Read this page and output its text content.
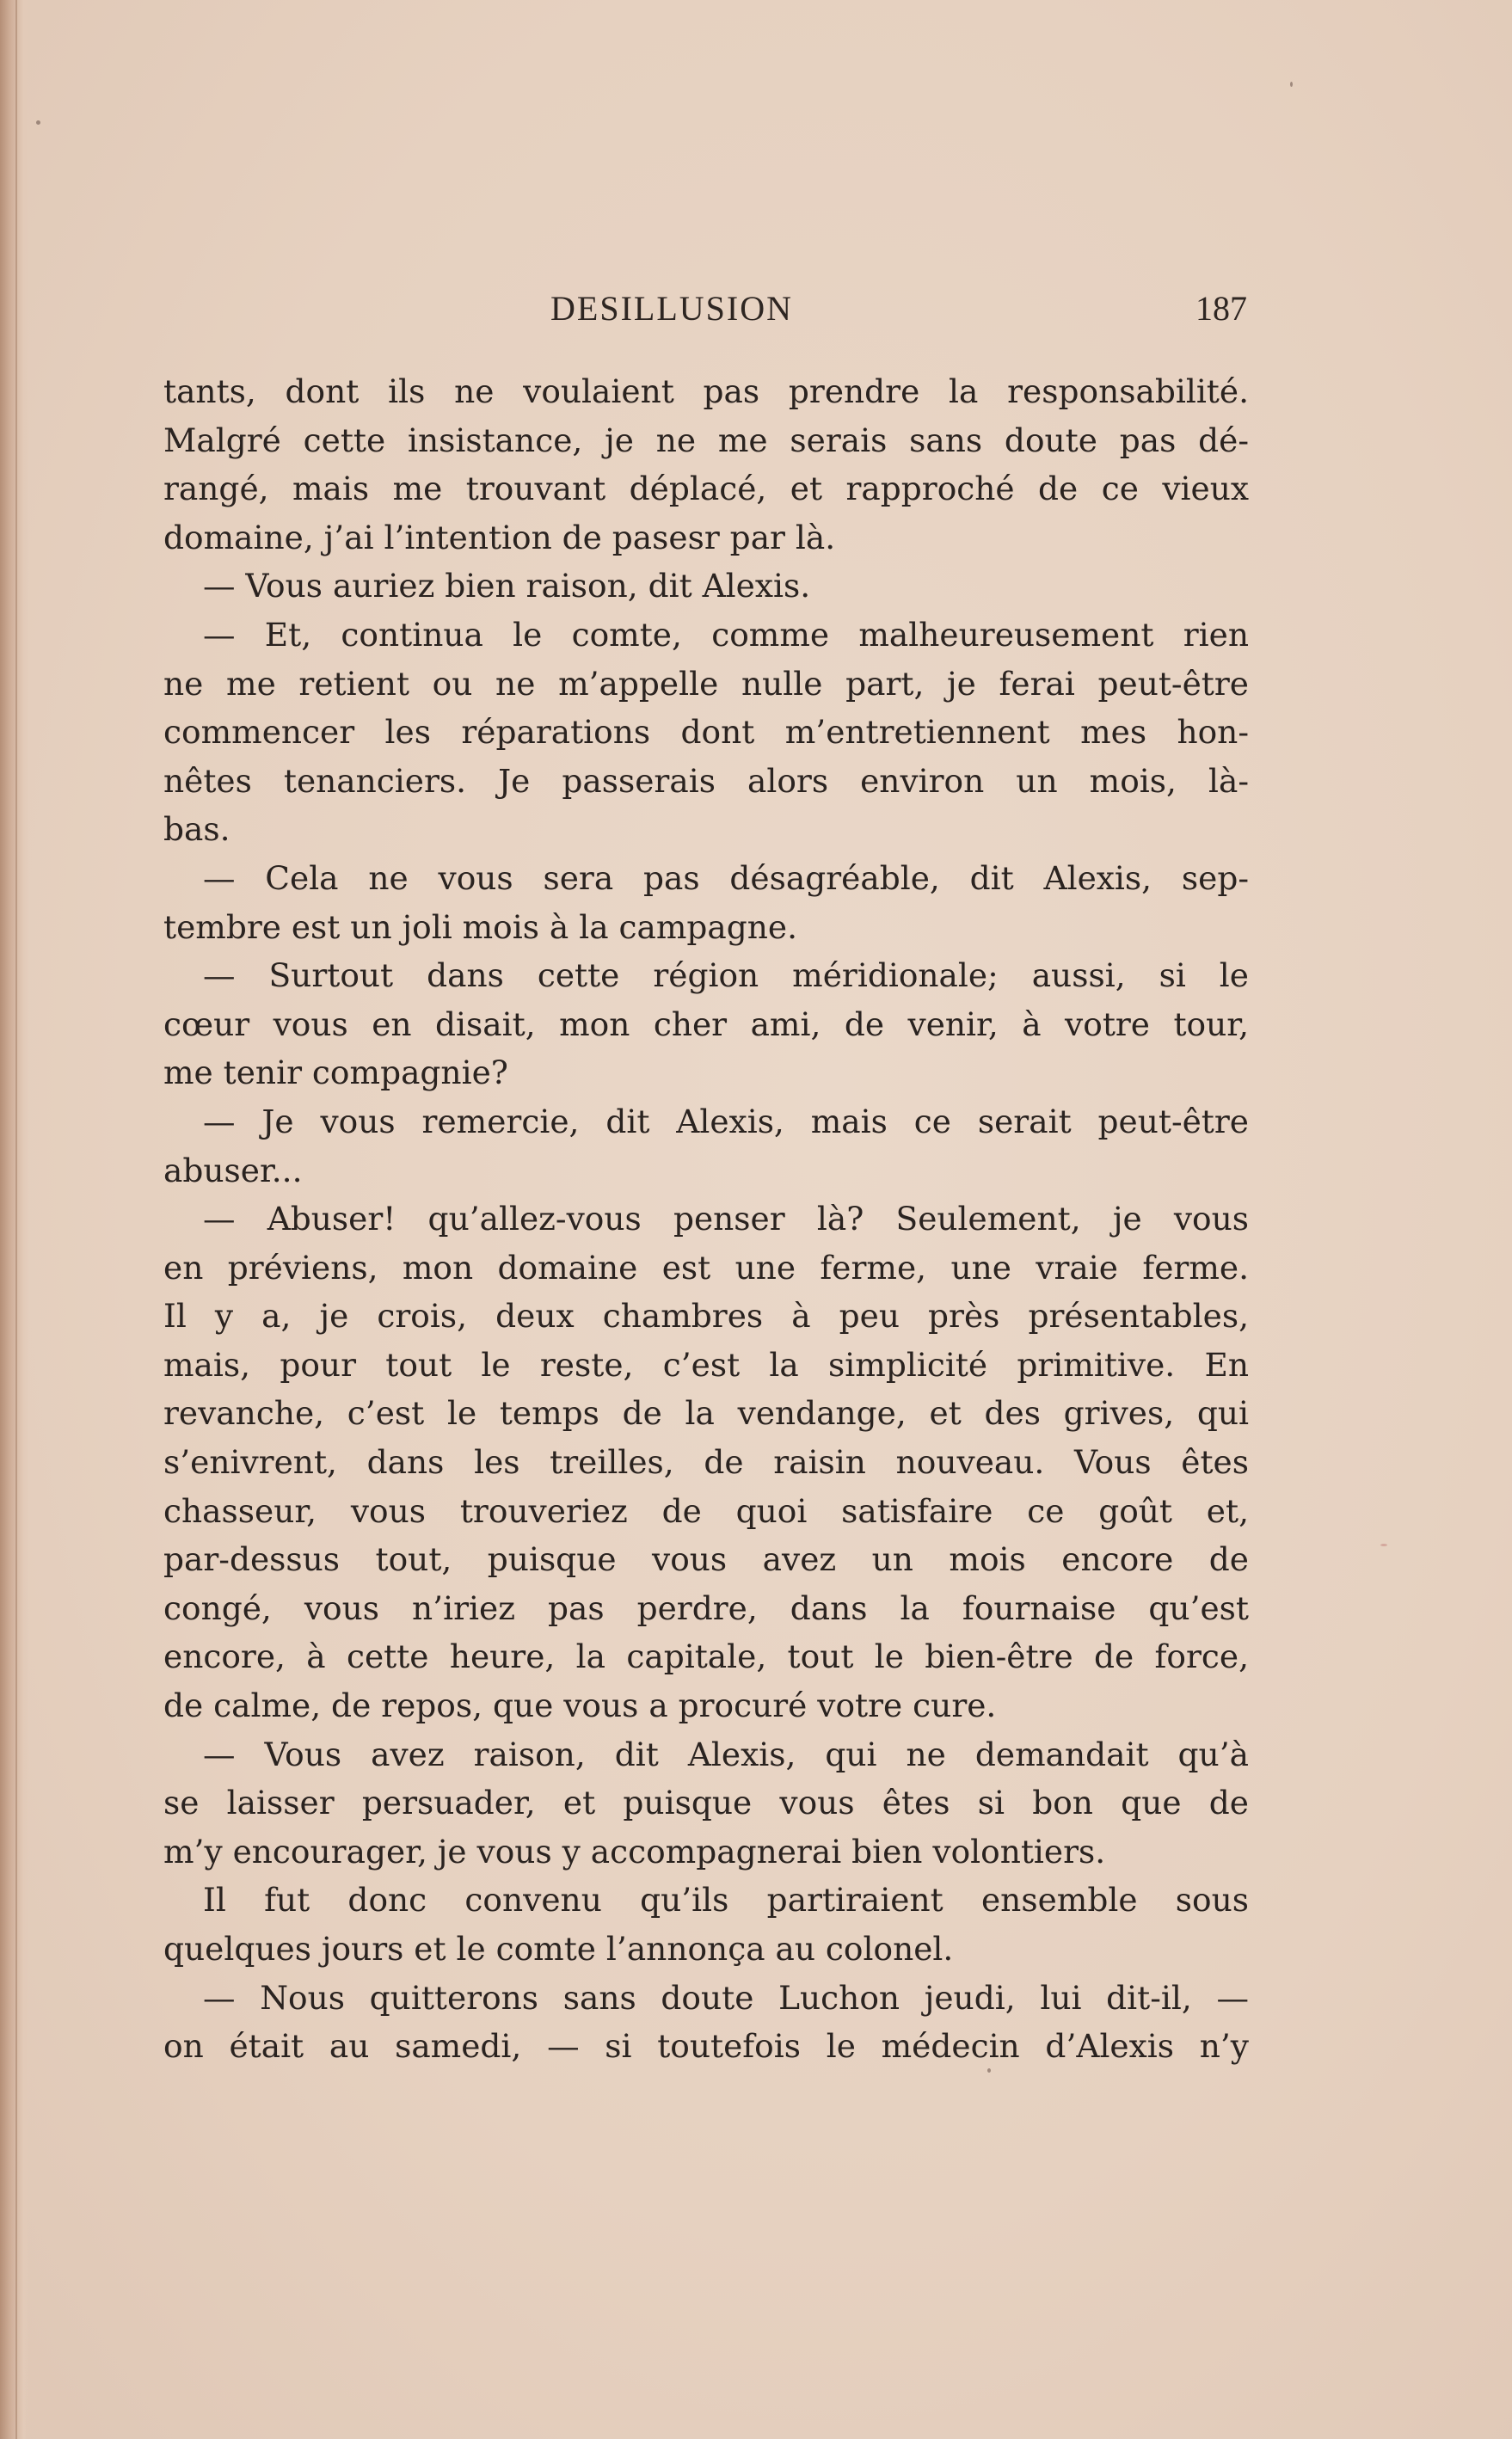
DESILLUSION	187
tants, dont ils ne voulaient pas prendre la responsabilité.
Malgré cette insistance, je ne me serais sans doute pas dé-
rangé, mais me trouvant déplacé, et rapproché de ce vieux
domaine, j’ai l’intention de pasesr par là.
— Vous auriez bien raison, dit Alexis.
— Et, continua le comte, comme malheureusement rien
ne me retient ou ne m’appelle nulle part, je ferai peut-être
commencer les réparations dont m’entretiennent mes hon-
nêtes tenanciers. Je passerais alors environ un mois, là-
bas.
— Cela ne vous sera pas désagréable, dit Alexis, sep-
tembre est un joli mois à la campagne.
— Surtout dans cette région méridionale; aussi, si le
cœur vous en disait, mon cher ami, de venir, à votre tour,
me tenir compagnie?
— Je vous remercie, dit Alexis, mais ce serait peut-être
abuser...
— Abuser! qu’allez-vous penser là? Seulement, je vous
en préviens, mon domaine est une ferme, une vraie ferme.
Il y a, je crois, deux chambres à peu près présentables,
mais, pour tout le reste, c’est la simplicité primitive. En
revanche, c’est le temps de la vendange, et des grives, qui
s’enivrent, dans les treilles, de raisin nouveau. Vous êtes
chasseur, vous trouveriez de quoi satisfaire ce goût et,
par-dessus tout, puisque vous avez un mois encore de
congé, vous n’iriez pas perdre, dans la fournaise qu’est
encore, à cette heure, la capitale, tout le bien-être de force,
de calme, de repos, que vous a procuré votre cure.
— Vous avez raison, dit Alexis, qui ne demandait qu’à
se laisser persuader, et puisque vous êtes si bon que de
m’y encourager, je vous y accompagnerai bien volontiers.
Il fut donc convenu qu’ils partiraient ensemble sous
quelques jours et le comte l’annonça au colonel.
— Nous quitterons sans doute Luchon jeudi, lui dit-il, —
on était au samedi, — si toutefois le médecin d’Alexis n’y
